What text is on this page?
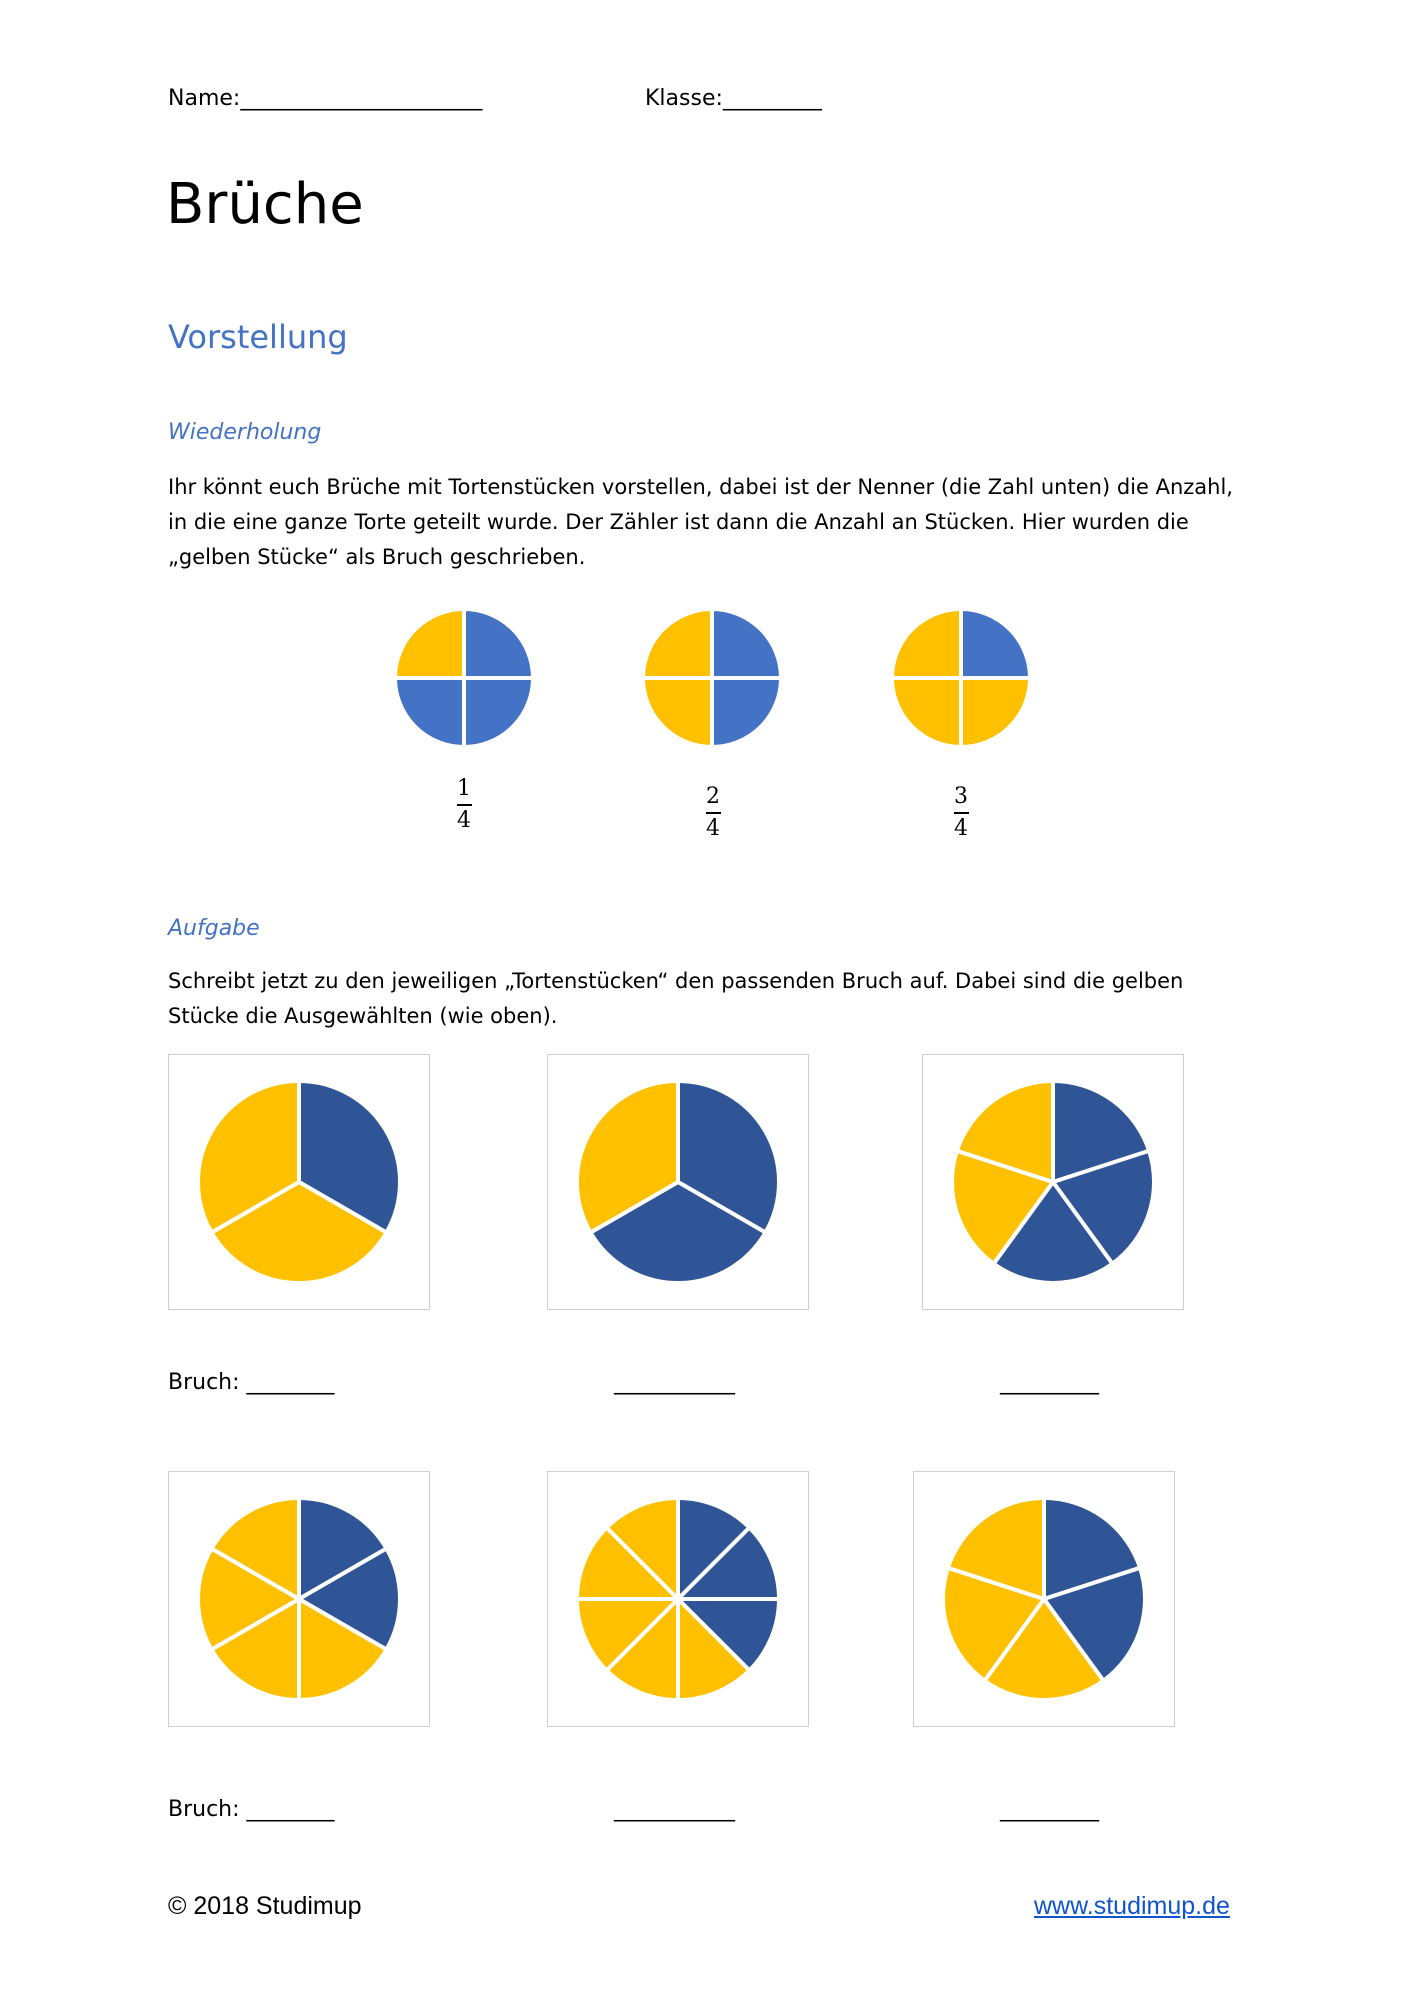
Name:______________________	Klasse:_________
Brüche
Vorstellung
Wiederholung
Ihr könnt euch Brüche mit Tortenstücken vorstellen, dabei ist der Nenner (die Zahl unten) die Anzahl,
in die eine ganze Torte geteilt wurde. Der Zähler ist dann die Anzahl an Stücken. Hier wurden die
„gelben Stücke“ als Bruch geschrieben.
1
4
2
4
3
4
Aufgabe
Schreibt jetzt zu den jeweiligen „Tortenstücken“ den passenden Bruch auf. Dabei sind die gelben
Stücke die Ausgewählten (wie oben).
Bruch: ________	___________	_________
Bruch: ________	___________	_________
© 2018 Studimup	www.studimup.de
